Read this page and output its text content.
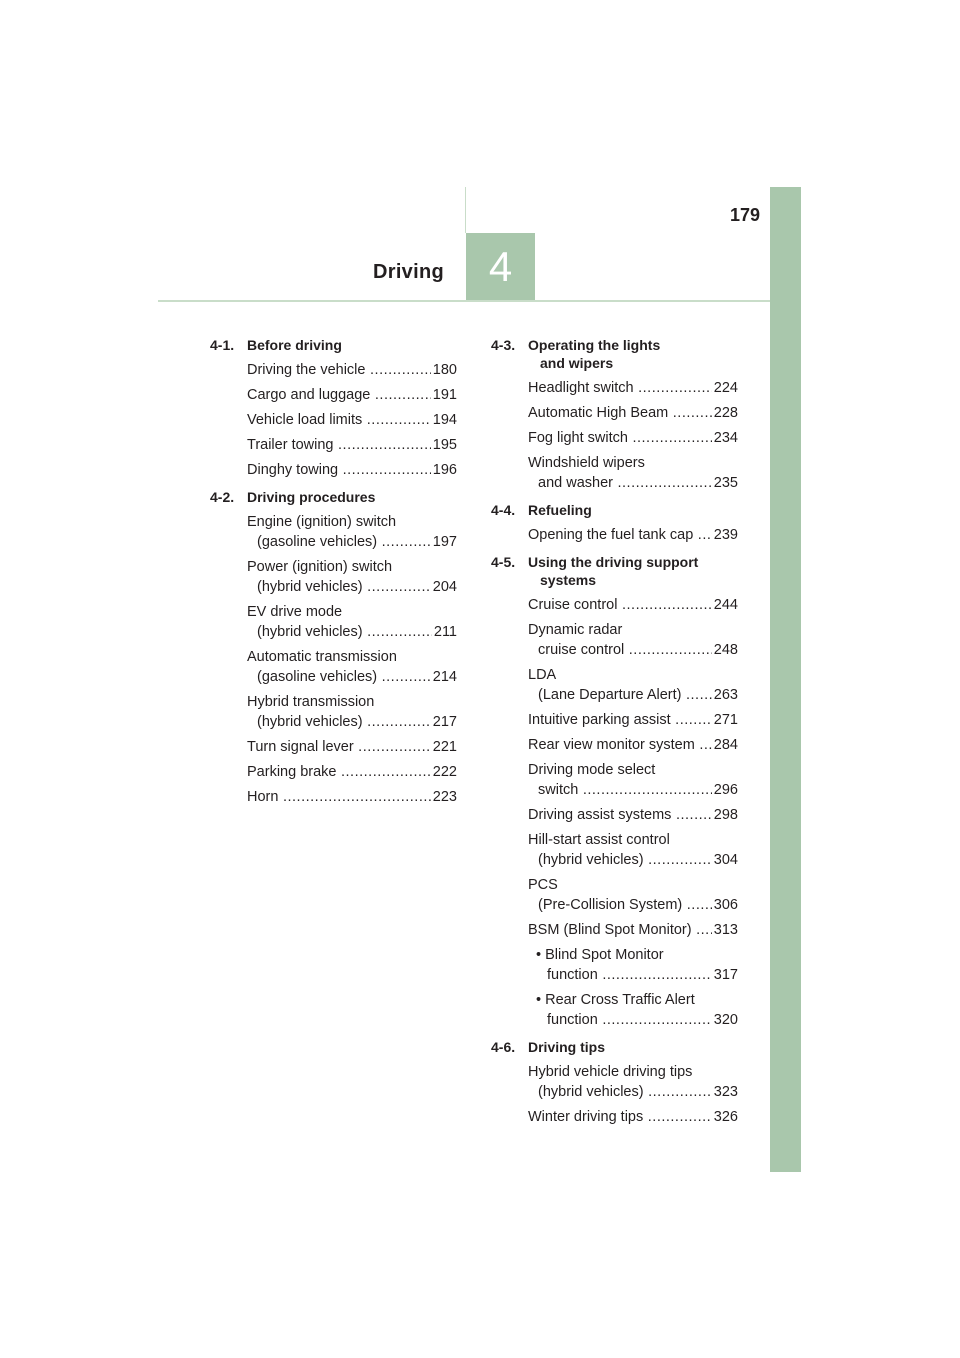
179
Driving 4
4-1. Before driving
Driving the vehicle .....	180
Cargo and luggage .....	191
Vehicle load limits .....	194
Trailer towing .....	195
Dinghy towing .....	196
4-2. Driving procedures
Engine (ignition) switch
(gasoline vehicles) .....	197
Power (ignition) switch
(hybrid vehicles) .....	204
EV drive mode
(hybrid vehicles) .....	211
Automatic transmission
(gasoline vehicles) .....	214
Hybrid transmission
(hybrid vehicles) .....	217
Turn signal lever .....	221
Parking brake .....	222
Horn .....	223
4-3. Operating the lights
and wipers
Headlight switch .....	224
Automatic High Beam .....	228
Fog light switch .....	234
Windshield wipers
and washer .....	235
4-4. Refueling
Opening the fuel tank cap .....	239
4-5. Using the driving support
systems
Cruise control .....	244
Dynamic radar
cruise control .....	248
LDA
(Lane Departure Alert) .....	263
Intuitive parking assist .....	271
Rear view monitor system .....	284
Driving mode select
switch .....	296
Driving assist systems .....	298
Hill-start assist control
(hybrid vehicles) .....	304
PCS
(Pre-Collision System) .....	306
BSM (Blind Spot Monitor) .....	313
• Blind Spot Monitor
function .....	317
• Rear Cross Traffic Alert
function .....	320
4-6. Driving tips
Hybrid vehicle driving tips
(hybrid vehicles) .....	323
Winter driving tips .....	326
